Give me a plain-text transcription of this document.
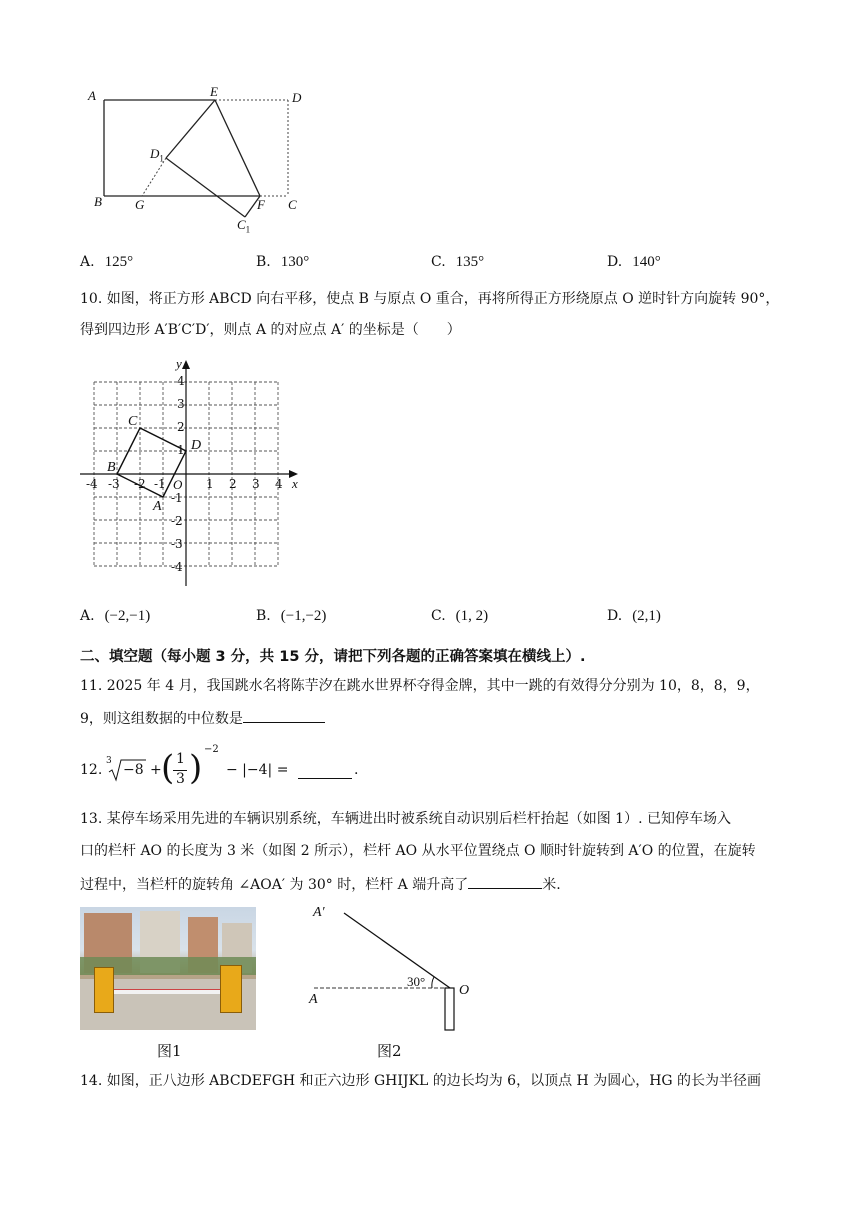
A	E	D
$D_1$
B	G	F C
$C_1$
A. 125°	B. 130°	C. 135°	D. 140°
10. 如图，将正方形 ABCD 向右平移，使点 B 与原点 O 重合，再将所得正方形绕原点 O 逆时针方向旋转 90°，
得到四边形 A′B′C′D′，则点 A 的对应点 A′ 的坐标是（　　）
y
x
O
-4 -3 -2 -1	1 2 3 4
4
3
2
1
-1
-2
-3
-4
C
D
B
A
A. (−2,−1)	B. (−1,−2)	C. (1, 2)	D. (2,1)
二、填空题（每小题 3 分，共 15 分，请把下列各题的正确答案填在横线上）.
11. 2025 年 4 月，我国跳水名将陈芋汐在跳水世界杯夺得金牌，其中一跳的有效得分分别为 10，8，8，9，
9，则这组数据的中位数是
12.
3
−8 + ( 1
3 ) −2
− |−4| =	.
13. 某停车场采用先进的车辆识别系统，车辆进出时被系统自动识别后栏杆抬起（如图 1）. 已知停车场入
口的栏杆 AO 的长度为 3 米（如图 2 所示），栏杆 AO 从水平位置绕点 O 顺时针旋转到 A′O 的位置，在旋转
过程中，当栏杆的旋转角 ∠AOA′ 为 30° 时，栏杆 A 端升高了	米.
图1
A′
A
O
30°
图2
14. 如图，正八边形 ABCDEFGH 和正六边形 GHIJKL 的边长均为 6，以顶点 H 为圆心，HG 的长为半径画
